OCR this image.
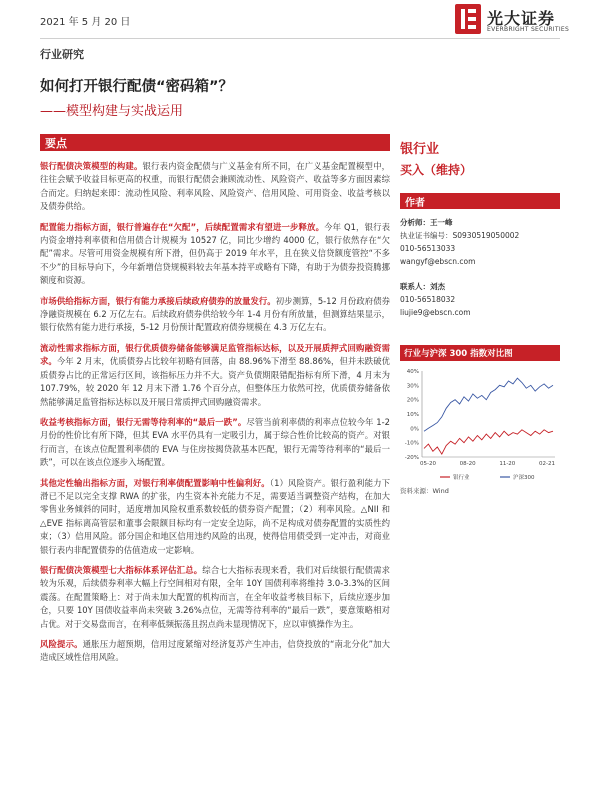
2021 年 5 月 20 日	光大证券
EVERBRIGHT SECURITIES
行业研究
如何打开银行配债“密码箱”？
——模型构建与实战运用
要点

银行配债决策模型的构建。银行表内资金配债与广义基金有所不同，在广义基金配置模型中，往往会赋予收益目标更高的权重，而银行配债会兼顾流动性、风险资产、收益等多方面因素综合而定。归纳起来即：流动性风险、利率风险、风险资产、信用风险、可用资金、收益考核以及债券供给。

配置能力指标方面，银行普遍存在“欠配”，后续配置需求有望进一步释放。今年 Q1，银行表内资金增持利率债和信用债合计规模为 10527 亿，同比少增约 4000 亿，银行依然存在“欠配”需求。尽管可用资金规模有所下滑，但仍高于 2019 年水平，且在狭义信贷额度管控“不多不少”的目标导向下，今年新增信贷规模料较去年基本持平或略有下降，有助于为债券投资腾挪额度和资源。

市场供给指标方面，银行有能力承接后续政府债券的放量发行。初步测算，5-12 月份政府债券净融资规模在 6.2 万亿左右。后续政府债券供给较今年 1-4 月份有所放量，但测算结果显示，银行依然有能力进行承接，5-12 月份预计配置政府债券规模在 4.3 万亿左右。

流动性需求指标方面，银行优质债券储备能够满足监管指标达标，以及开展质押式回购融资需求。今年 2 月末，优质债券占比较年初略有回落，由 88.96%下滑至 88.86%，但并未跌破优质债券占比的正常运行区间，该指标压力并不大。资产负债期限错配指标有所下滑，4 月末为 107.79%，较 2020 年 12 月末下滑 1.76 个百分点，但整体压力依然可控，优质债券储备依然能够满足监管指标达标以及开展日常质押式回购融资需求。

收益考核指标方面，银行无需等待利率的“最后一跌”。尽管当前利率债的利率点位较今年 1-2 月份的性价比有所下降，但其 EVA 水平仍具有一定吸引力，属于综合性价比较高的资产。对银行而言，在该点位配置利率债的 EVA 与住房按揭贷款基本匹配，银行无需等待利率的“最后一跌”，可以在该点位逐步入场配置。

其他定性输出指标方面，对银行利率债配置影响中性偏利好。（1）风险资产。银行盈利能力下滑已不足以完全支撑 RWA 的扩张，内生资本补充能力不足，需要适当调整资产结构，在加大零售业务倾斜的同时，适度增加风险权重系数较低的债券资产配置；（2）利率风险。△NII 和△EVE 指标离高管层和董事会限额目标均有一定安全边际，尚不足构成对债券配置的实质性约束；（3）信用风险。部分国企和地区信用违约风险的出现，使得信用债受到一定冲击，对商业银行表内非配置债券的估值造成一定影响。

银行配债决策模型七大指标体系评估汇总。综合七大指标表现来看，我们对后续银行配债需求较为乐观，后续债券利率大幅上行空间相对有限，全年 10Y 国债利率将维持 3.0-3.3%的区间震荡。在配置策略上：对于尚未加大配置的机构而言，在全年收益考核目标下，后续应逐步加仓，只要 10Y 国债收益率尚未突破 3.26%点位，无需等待利率的“最后一跌”，要意策略相对占优。对于交易盘而言，在利率低频振荡且拐点尚未显现情况下，应以审慎操作为主。

风险提示。通胀压力超预期，信用过度紧缩对经济复苏产生冲击，信贷投放的“南北分化”加大造成区域性信用风险。

银行业
买入（维持）
作者
分析师：王一峰
执业证书编号：S0930519050002
010-56513033
wangyf@ebscn.com
联系人：刘杰
010-56518032
liujie9@ebscn.com
行业与沪深 300 指数对比图
40%
30%
20%
10%
0%
-10%
-20%
05-20	08-20	11-20	02-21
银行业	沪深300
资料来源：Wind
